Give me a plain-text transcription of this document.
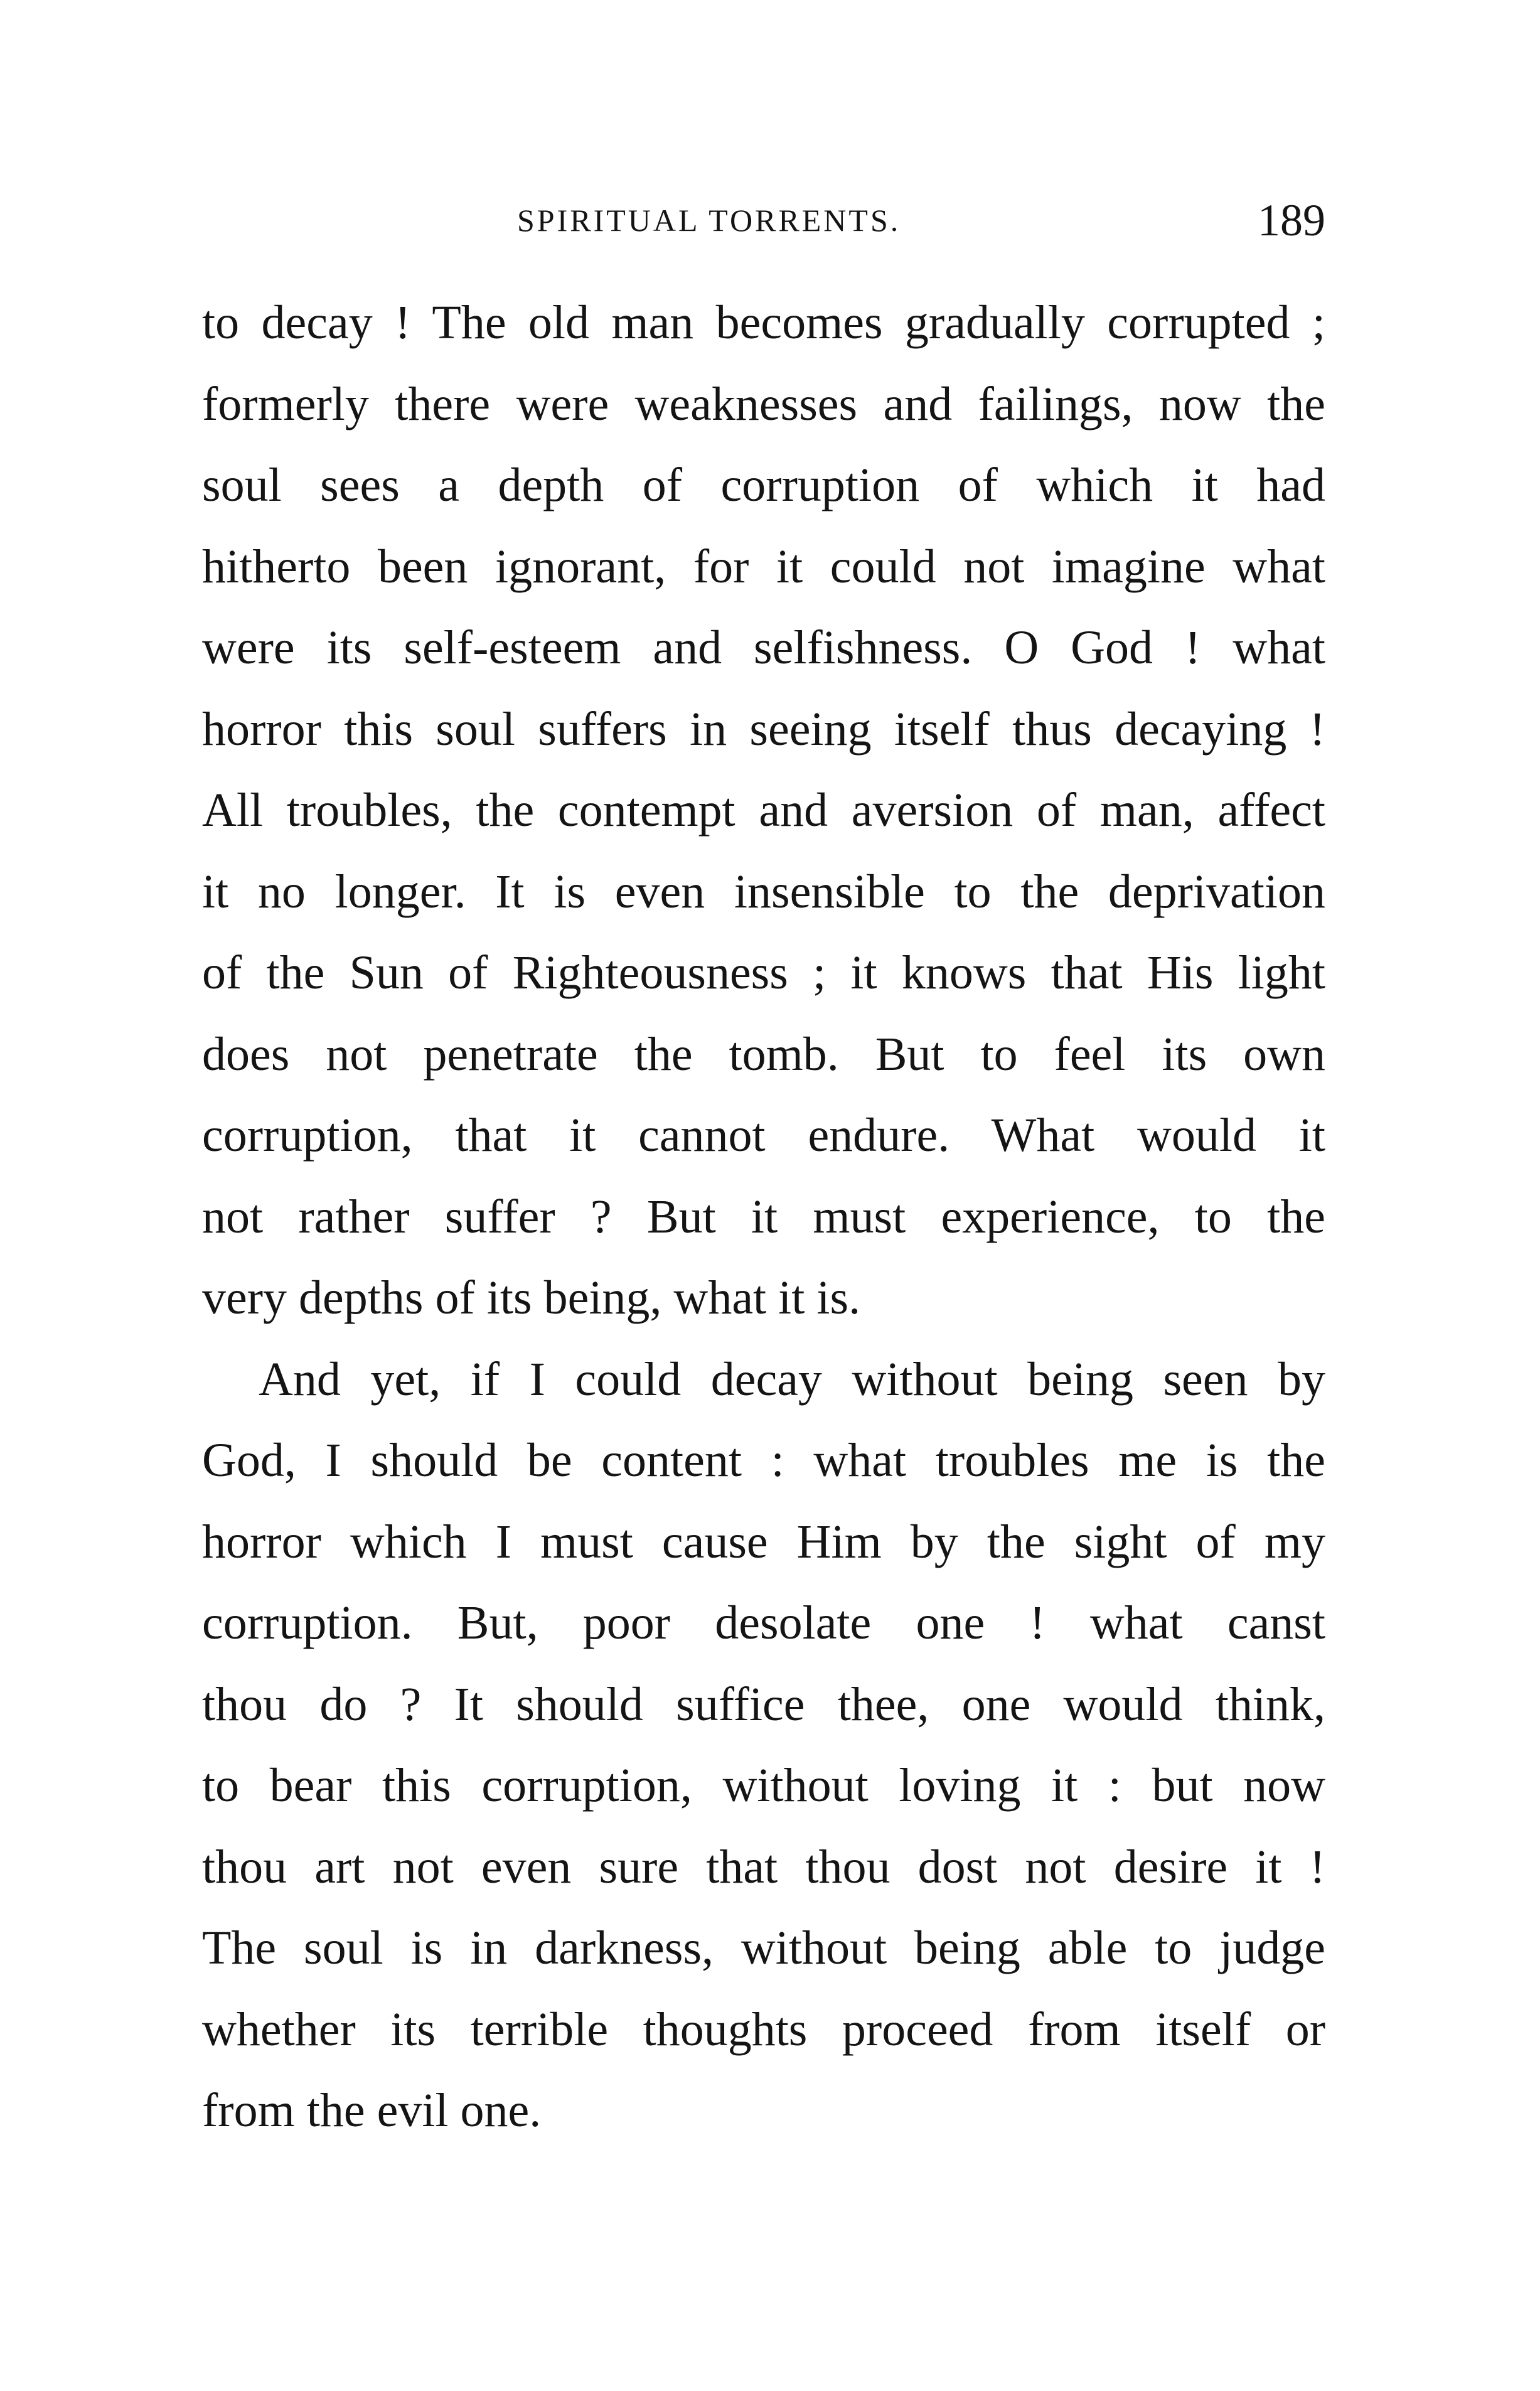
SPIRITUAL TORRENTS.	189
to decay ! The old man becomes gradually corrupted ;
formerly there were weaknesses and failings, now the
soul sees a depth of corruption of which it had
hitherto been ignorant, for it could not imagine what
were its self-esteem and selfishness. O God ! what
horror this soul suffers in seeing itself thus decaying !
All troubles, the contempt and aversion of man, affect
it no longer. It is even insensible to the deprivation
of the Sun of Righteousness ; it knows that His light
does not penetrate the tomb. But to feel its own
corruption, that it cannot endure. What would it
not rather suffer ? But it must experience, to the
very depths of its being, what it is.
And yet, if I could decay without being seen by
God, I should be content : what troubles me is the
horror which I must cause Him by the sight of my
corruption. But, poor desolate one ! what canst
thou do ? It should suffice thee, one would think,
to bear this corruption, without loving it : but now
thou art not even sure that thou dost not desire it !
The soul is in darkness, without being able to judge
whether its terrible thoughts proceed from itself or
from the evil one.
